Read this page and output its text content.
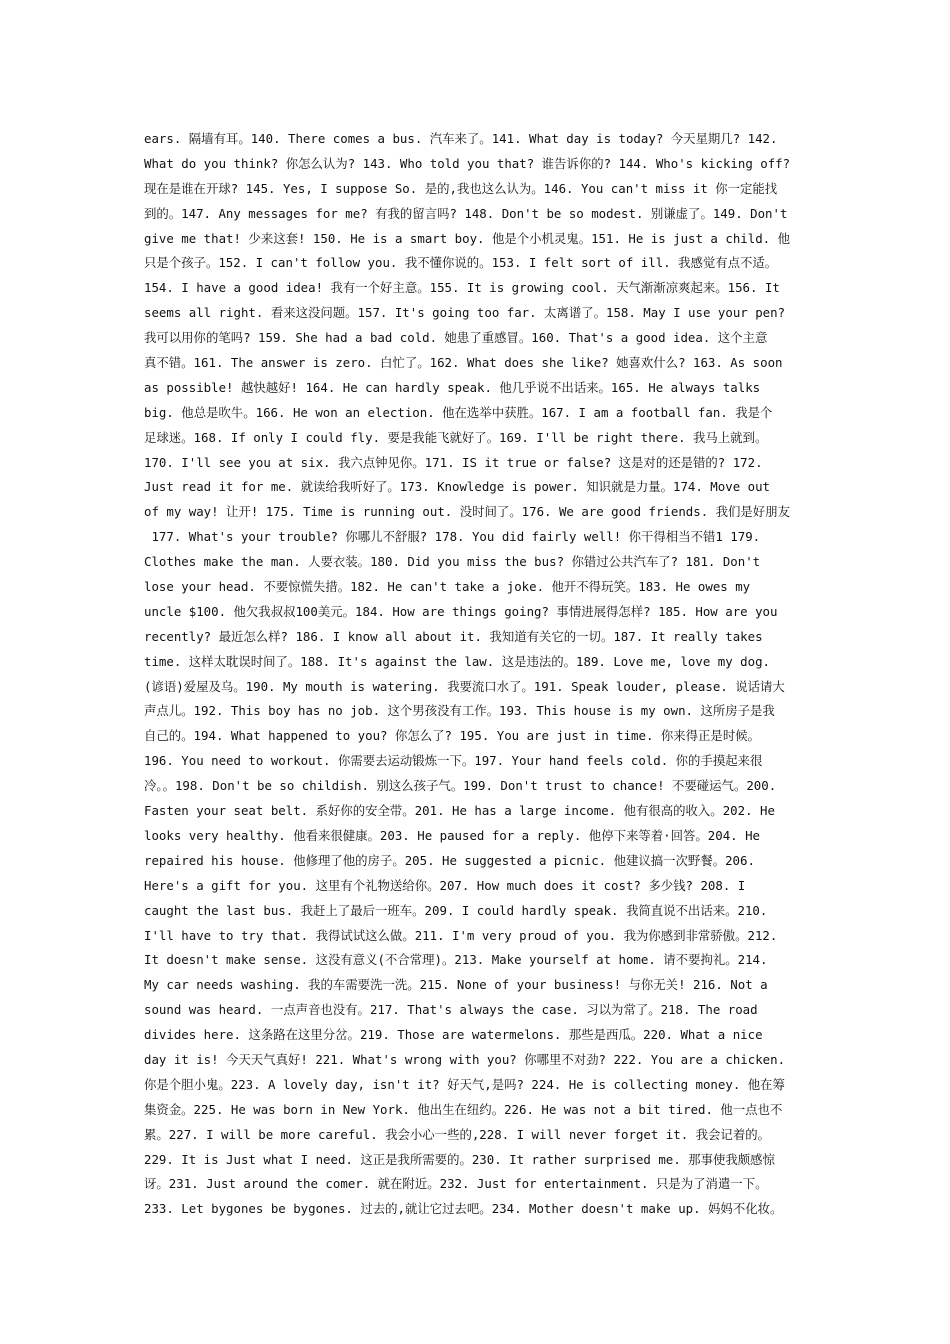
ears. 隔墙有耳。140. There comes a bus. 汽车来了。141. What day is today? 今天星期几? 142.
What do you think? 你怎么认为? 143. Who told you that? 谁告诉你的? 144. Who's kicking off?
现在是谁在开球? 145. Yes, I suppose So. 是的,我也这么认为。146. You can't miss it 你一定能找
到的。147. Any messages for me? 有我的留言吗? 148. Don't be so modest. 别谦虚了。149. Don't
give me that! 少来这套! 150. He is a smart boy. 他是个小机灵鬼。151. He is just a child. 他
只是个孩子。152. I can't follow you. 我不懂你说的。153. I felt sort of ill. 我感觉有点不适。
154. I have a good idea! 我有一个好主意。155. It is growing cool. 天气渐渐凉爽起来。156. It
seems all right. 看来这没问题。157. It's going too far. 太离谱了。158. May I use your pen?
我可以用你的笔吗? 159. She had a bad cold. 她患了重感冒。160. That's a good idea. 这个主意
真不错。161. The answer is zero. 白忙了。162. What does she like? 她喜欢什么? 163. As soon
as possible! 越快越好! 164. He can hardly speak. 他几乎说不出话来。165. He always talks
big. 他总是吹牛。166. He won an election. 他在选举中获胜。167. I am a football fan. 我是个
足球迷。168. If only I could fly. 要是我能飞就好了。169. I'll be right there. 我马上就到。
170. I'll see you at six. 我六点钟见你。171. IS it true or false? 这是对的还是错的? 172.
Just read it for me. 就读给我听好了。173. Knowledge is power. 知识就是力量。174. Move out
of my way! 让开! 175. Time is running out. 没时间了。176. We are good friends. 我们是好朋友
177. What's your trouble? 你哪儿不舒服? 178. You did fairly well! 你干得相当不错1 179.
Clothes make the man. 人要衣装。180. Did you miss the bus? 你错过公共汽车了? 181. Don't
lose your head. 不要惊慌失措。182. He can't take a joke. 他开不得玩笑。183. He owes my
uncle $100. 他欠我叔叔100美元。184. How are things going? 事情进展得怎样? 185. How are you
recently? 最近怎么样? 186. I know all about it. 我知道有关它的一切。187. It really takes
time. 这样太耽误时间了。188. It's against the law. 这是违法的。189. Love me, love my dog.
(谚语)爱屋及乌。190. My mouth is watering. 我要流口水了。191. Speak louder, please. 说话请大
声点儿。192. This boy has no job. 这个男孩没有工作。193. This house is my own. 这所房子是我
自己的。194. What happened to you? 你怎么了? 195. You are just in time. 你来得正是时候。
196. You need to workout. 你需要去运动锻炼一下。197. Your hand feels cold. 你的手摸起来很
冷。。198. Don't be so childish. 别这么孩子气。199. Don't trust to chance! 不要碰运气。200.
Fasten your seat belt. 系好你的安全带。201. He has a large income. 他有很高的收入。202. He
looks very healthy. 他看来很健康。203. He paused for a reply. 他停下来等着·回答。204. He
repaired his house. 他修理了他的房子。205. He suggested a picnic. 他建议搞一次野餐。206.
Here's a gift for you. 这里有个礼物送给你。207. How much does it cost? 多少钱? 208. I
caught the last bus. 我赶上了最后一班车。209. I could hardly speak. 我简直说不出话来。210.
I'll have to try that. 我得试试这么做。211. I'm very proud of you. 我为你感到非常骄傲。212.
It doesn't make sense. 这没有意义(不合常理)。213. Make yourself at home. 请不要拘礼。214.
My car needs washing. 我的车需要洗一洗。215. None of your business! 与你无关! 216. Not a
sound was heard. 一点声音也没有。217. That's always the case. 习以为常了。218. The road
divides here. 这条路在这里分岔。219. Those are watermelons. 那些是西瓜。220. What a nice
day it is! 今天天气真好! 221. What's wrong with you? 你哪里不对劲? 222. You are a chicken.
你是个胆小鬼。223. A lovely day, isn't it? 好天气,是吗? 224. He is collecting money. 他在筹
集资金。225. He was born in New York. 他出生在纽约。226. He was not a bit tired. 他一点也不
累。227. I will be more careful. 我会小心一些的,228. I will never forget it. 我会记着的。
229. It is Just what I need. 这正是我所需要的。230. It rather surprised me. 那事使我颇感惊
讶。231. Just around the comer. 就在附近。232. Just for entertainment. 只是为了消遣一下。
233. Let bygones be bygones. 过去的,就让它过去吧。234. Mother doesn't make up. 妈妈不化妆。
